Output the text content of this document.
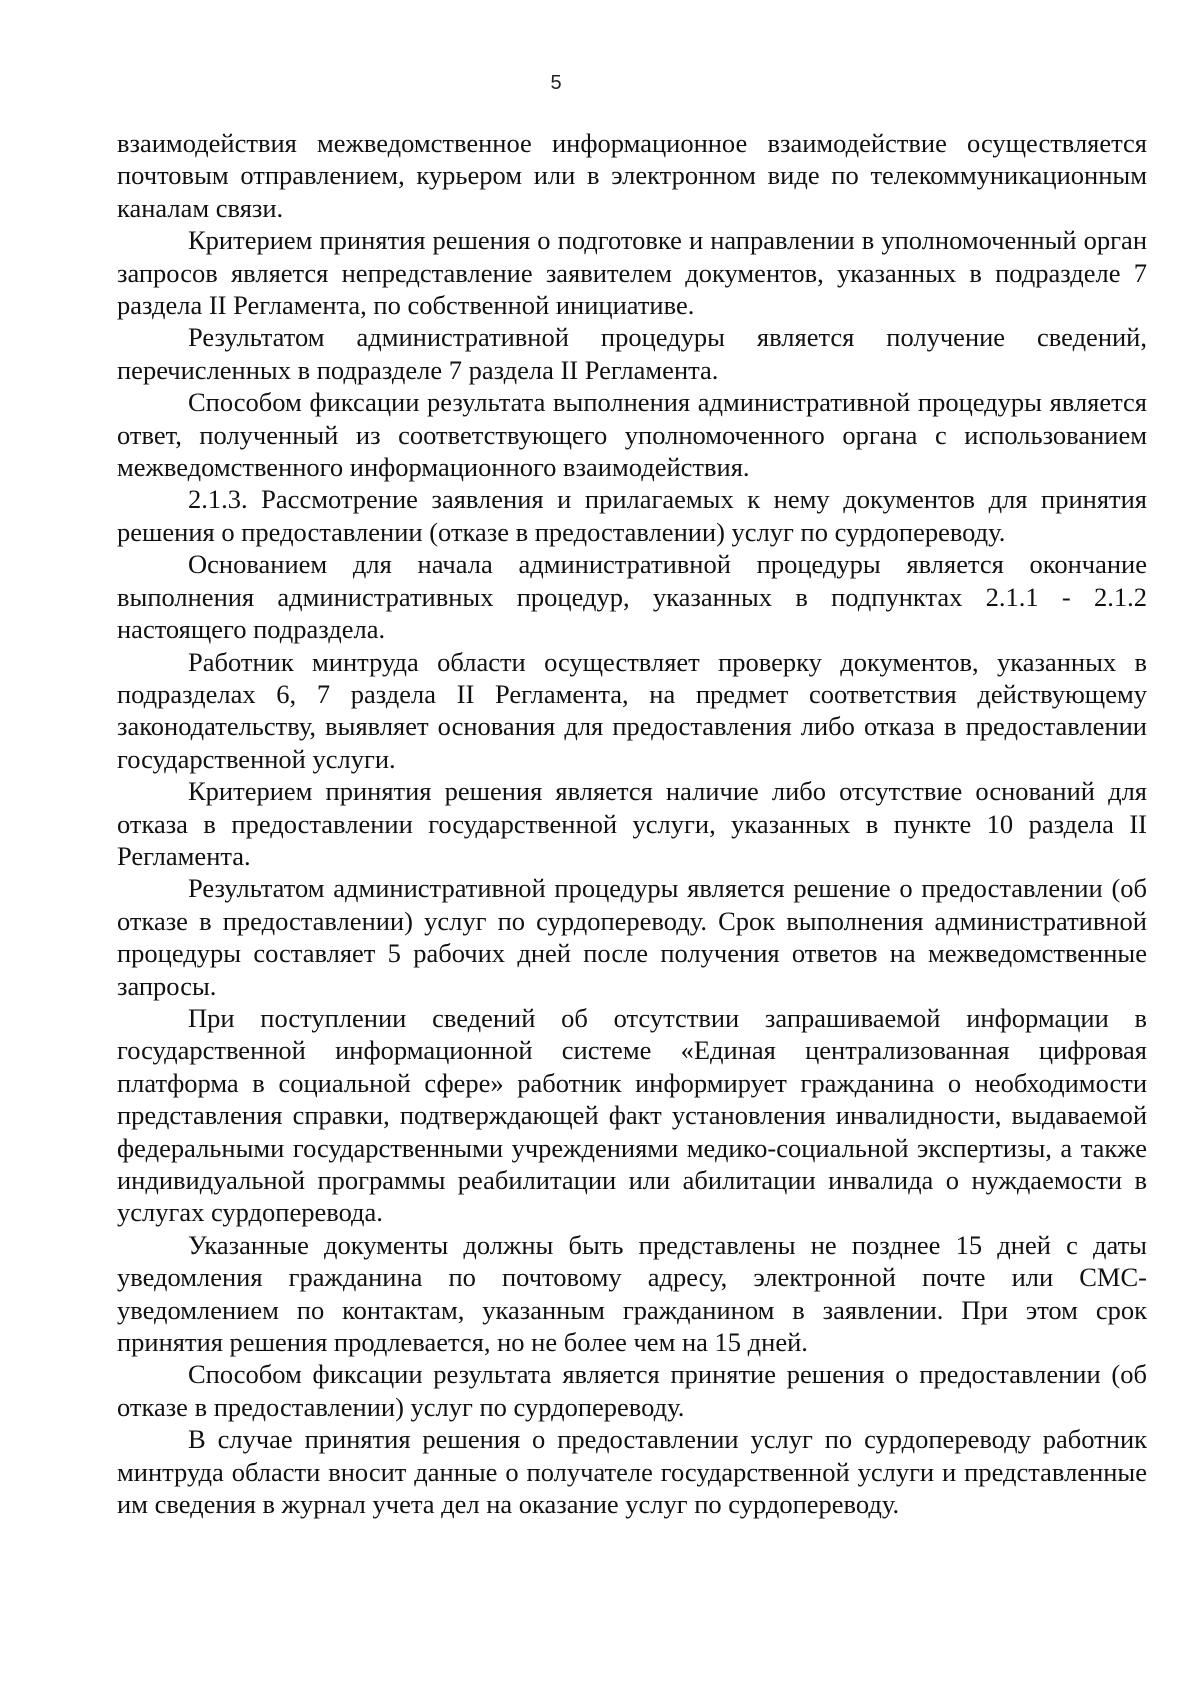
5

взаимодействия межведомственное информационное взаимодействие осуществляется почтовым отправлением, курьером или в электронном виде по телекоммуникационным каналам связи.

Критерием принятия решения о подготовке и направлении в уполномоченный орган запросов является непредставление заявителем документов, указанных в подразделе 7 раздела II Регламента, по собственной инициативе.

Результатом административной процедуры является получение сведений, перечисленных в подразделе 7 раздела II Регламента.

Способом фиксации результата выполнения административной процедуры является ответ, полученный из соответствующего уполномоченного органа с использованием межведомственного информационного взаимодействия.

2.1.3. Рассмотрение заявления и прилагаемых к нему документов для принятия решения о предоставлении (отказе в предоставлении) услуг по сурдопереводу.

Основанием для начала административной процедуры является окончание выполнения административных процедур, указанных в подпунктах 2.1.1 - 2.1.2 настоящего подраздела.

Работник минтруда области осуществляет проверку документов, указанных в подразделах 6, 7 раздела II Регламента, на предмет соответствия действующему законодательству, выявляет основания для предоставления либо отказа в предоставлении государственной услуги.

Критерием принятия решения является наличие либо отсутствие оснований для отказа в предоставлении государственной услуги, указанных в пункте 10 раздела II Регламента.

Результатом административной процедуры является решение о предоставлении (об отказе в предоставлении) услуг по сурдопереводу. Срок выполнения административной процедуры составляет 5 рабочих дней после получения ответов на межведомственные запросы.

При поступлении сведений об отсутствии запрашиваемой информации в государственной информационной системе «Единая централизованная цифровая платформа в социальной сфере» работник информирует гражданина о необходимости представления справки, подтверждающей факт установления инвалидности, выдаваемой федеральными государственными учреждениями медико-социальной экспертизы, а также индивидуальной программы реабилитации или абилитации инвалида о нуждаемости в услугах сурдоперевода.

Указанные документы должны быть представлены не позднее 15 дней с даты уведомления гражданина по почтовому адресу, электронной почте или СМС-уведомлением по контактам, указанным гражданином в заявлении. При этом срок принятия решения продлевается, но не более чем на 15 дней.

Способом фиксации результата является принятие решения о предоставлении (об отказе в предоставлении) услуг по сурдопереводу.

В случае принятия решения о предоставлении услуг по сурдопереводу работник минтруда области вносит данные о получателе государственной услуги и представленные им сведения в журнал учета дел на оказание услуг по сурдопереводу.
